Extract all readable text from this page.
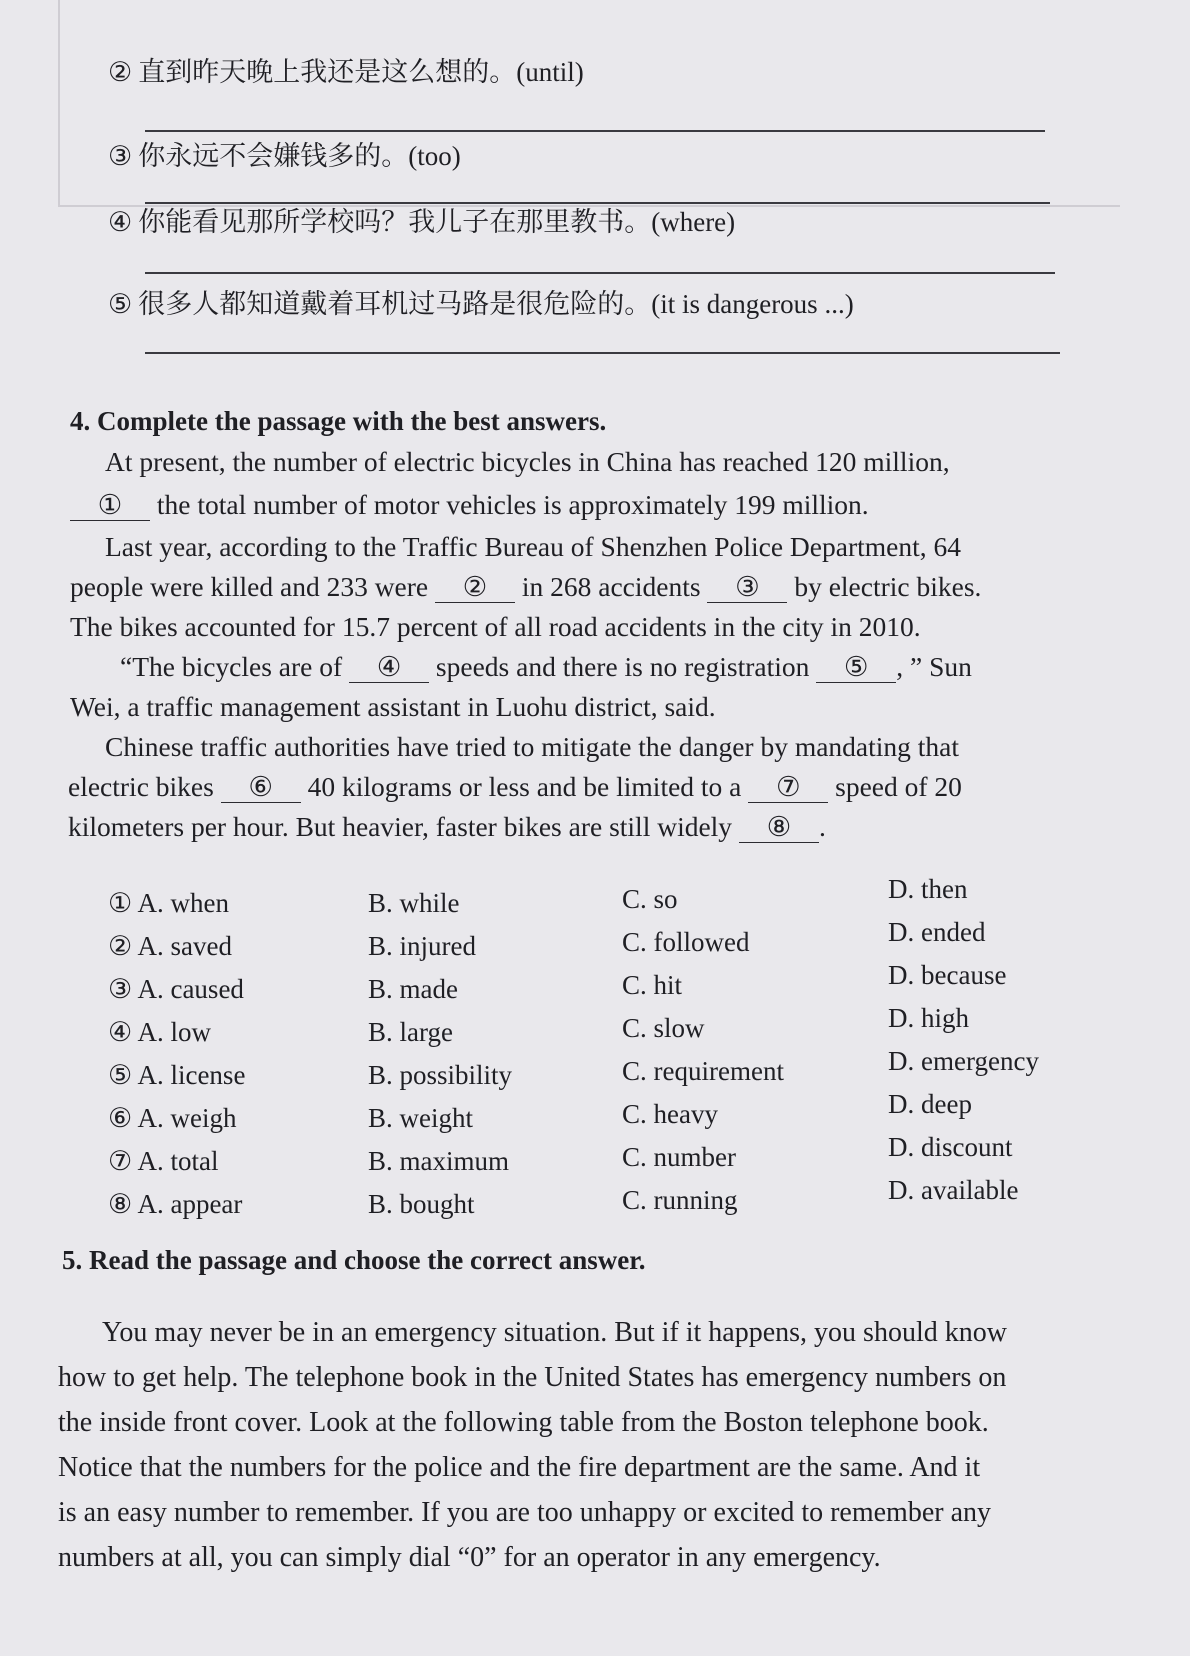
② 直到昨天晚上我还是这么想的。(until)
③ 你永远不会嫌钱多的。(too)
④ 你能看见那所学校吗？我儿子在那里教书。(where)
⑤ 很多人都知道戴着耳机过马路是很危险的。(it is dangerous ...)
4. Complete the passage with the best answers.
At present, the number of electric bicycles in China has reached 120 million,
① the total number of motor vehicles is approximately 199 million.
Last year, according to the Traffic Bureau of Shenzhen Police Department, 64
people were killed and 233 were ② in 268 accidents ③ by electric bikes.
The bikes accounted for 15.7 percent of all road accidents in the city in 2010.
“The bicycles are of ④ speeds and there is no registration ⑤ , ” Sun
Wei, a traffic management assistant in Luohu district, said.
Chinese traffic authorities have tried to mitigate the danger by mandating that
electric bikes ⑥ 40 kilograms or less and be limited to a ⑦ speed of 20
kilometers per hour. But heavier, faster bikes are still widely ⑧ .
① A. when	B. while	C. so	D. then
② A. saved	B. injured	C. followed	D. ended
③ A. caused	B. made	C. hit	D. because
④ A. low	B. large	C. slow	D. high
⑤ A. license	B. possibility	C. requirement	D. emergency
⑥ A. weigh	B. weight	C. heavy	D. deep
⑦ A. total	B. maximum	C. number	D. discount
⑧ A. appear	B. bought	C. running	D. available
5. Read the passage and choose the correct answer.
You may never be in an emergency situation. But if it happens, you should know
how to get help. The telephone book in the United States has emergency numbers on
the inside front cover. Look at the following table from the Boston telephone book.
Notice that the numbers for the police and the fire department are the same. And it
is an easy number to remember. If you are too unhappy or excited to remember any
numbers at all, you can simply dial “0” for an operator in any emergency.
